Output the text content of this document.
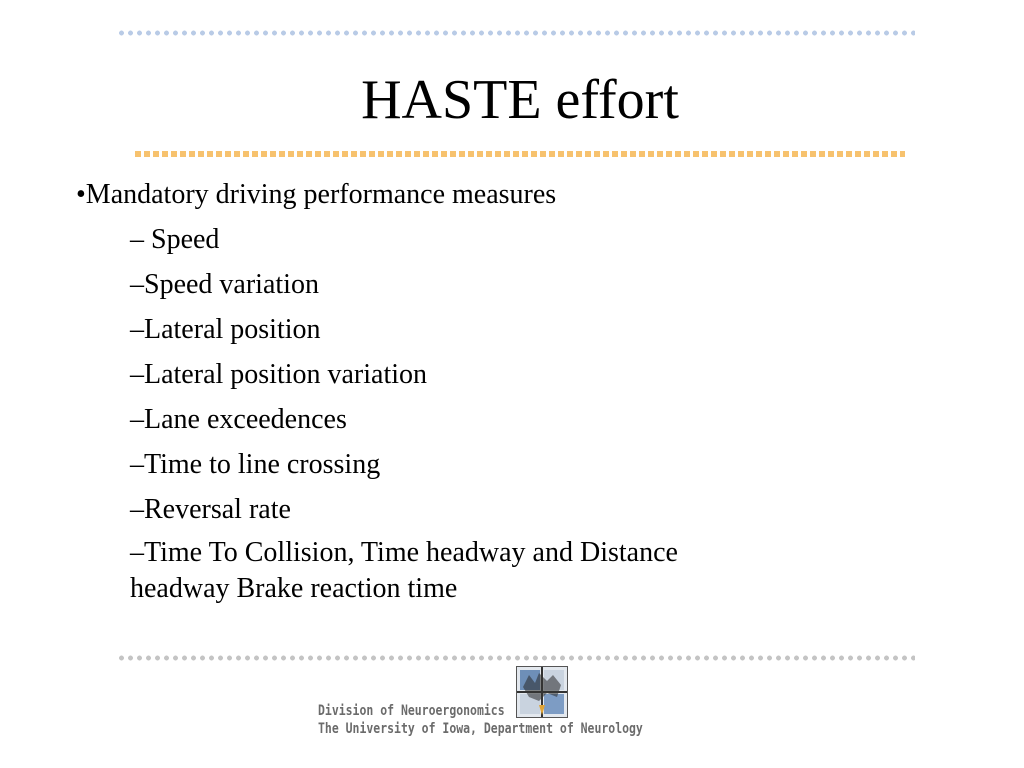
HASTE effort
•Mandatory driving performance measures
– Speed
–Speed variation
–Lateral position
–Lateral position variation
–Lane exceedences
–Time to line crossing
–Reversal rate
–Time To Collision, Time headway and Distance
headway Brake reaction time
Division of Neuroergonomics
The University of Iowa, Department of Neurology
